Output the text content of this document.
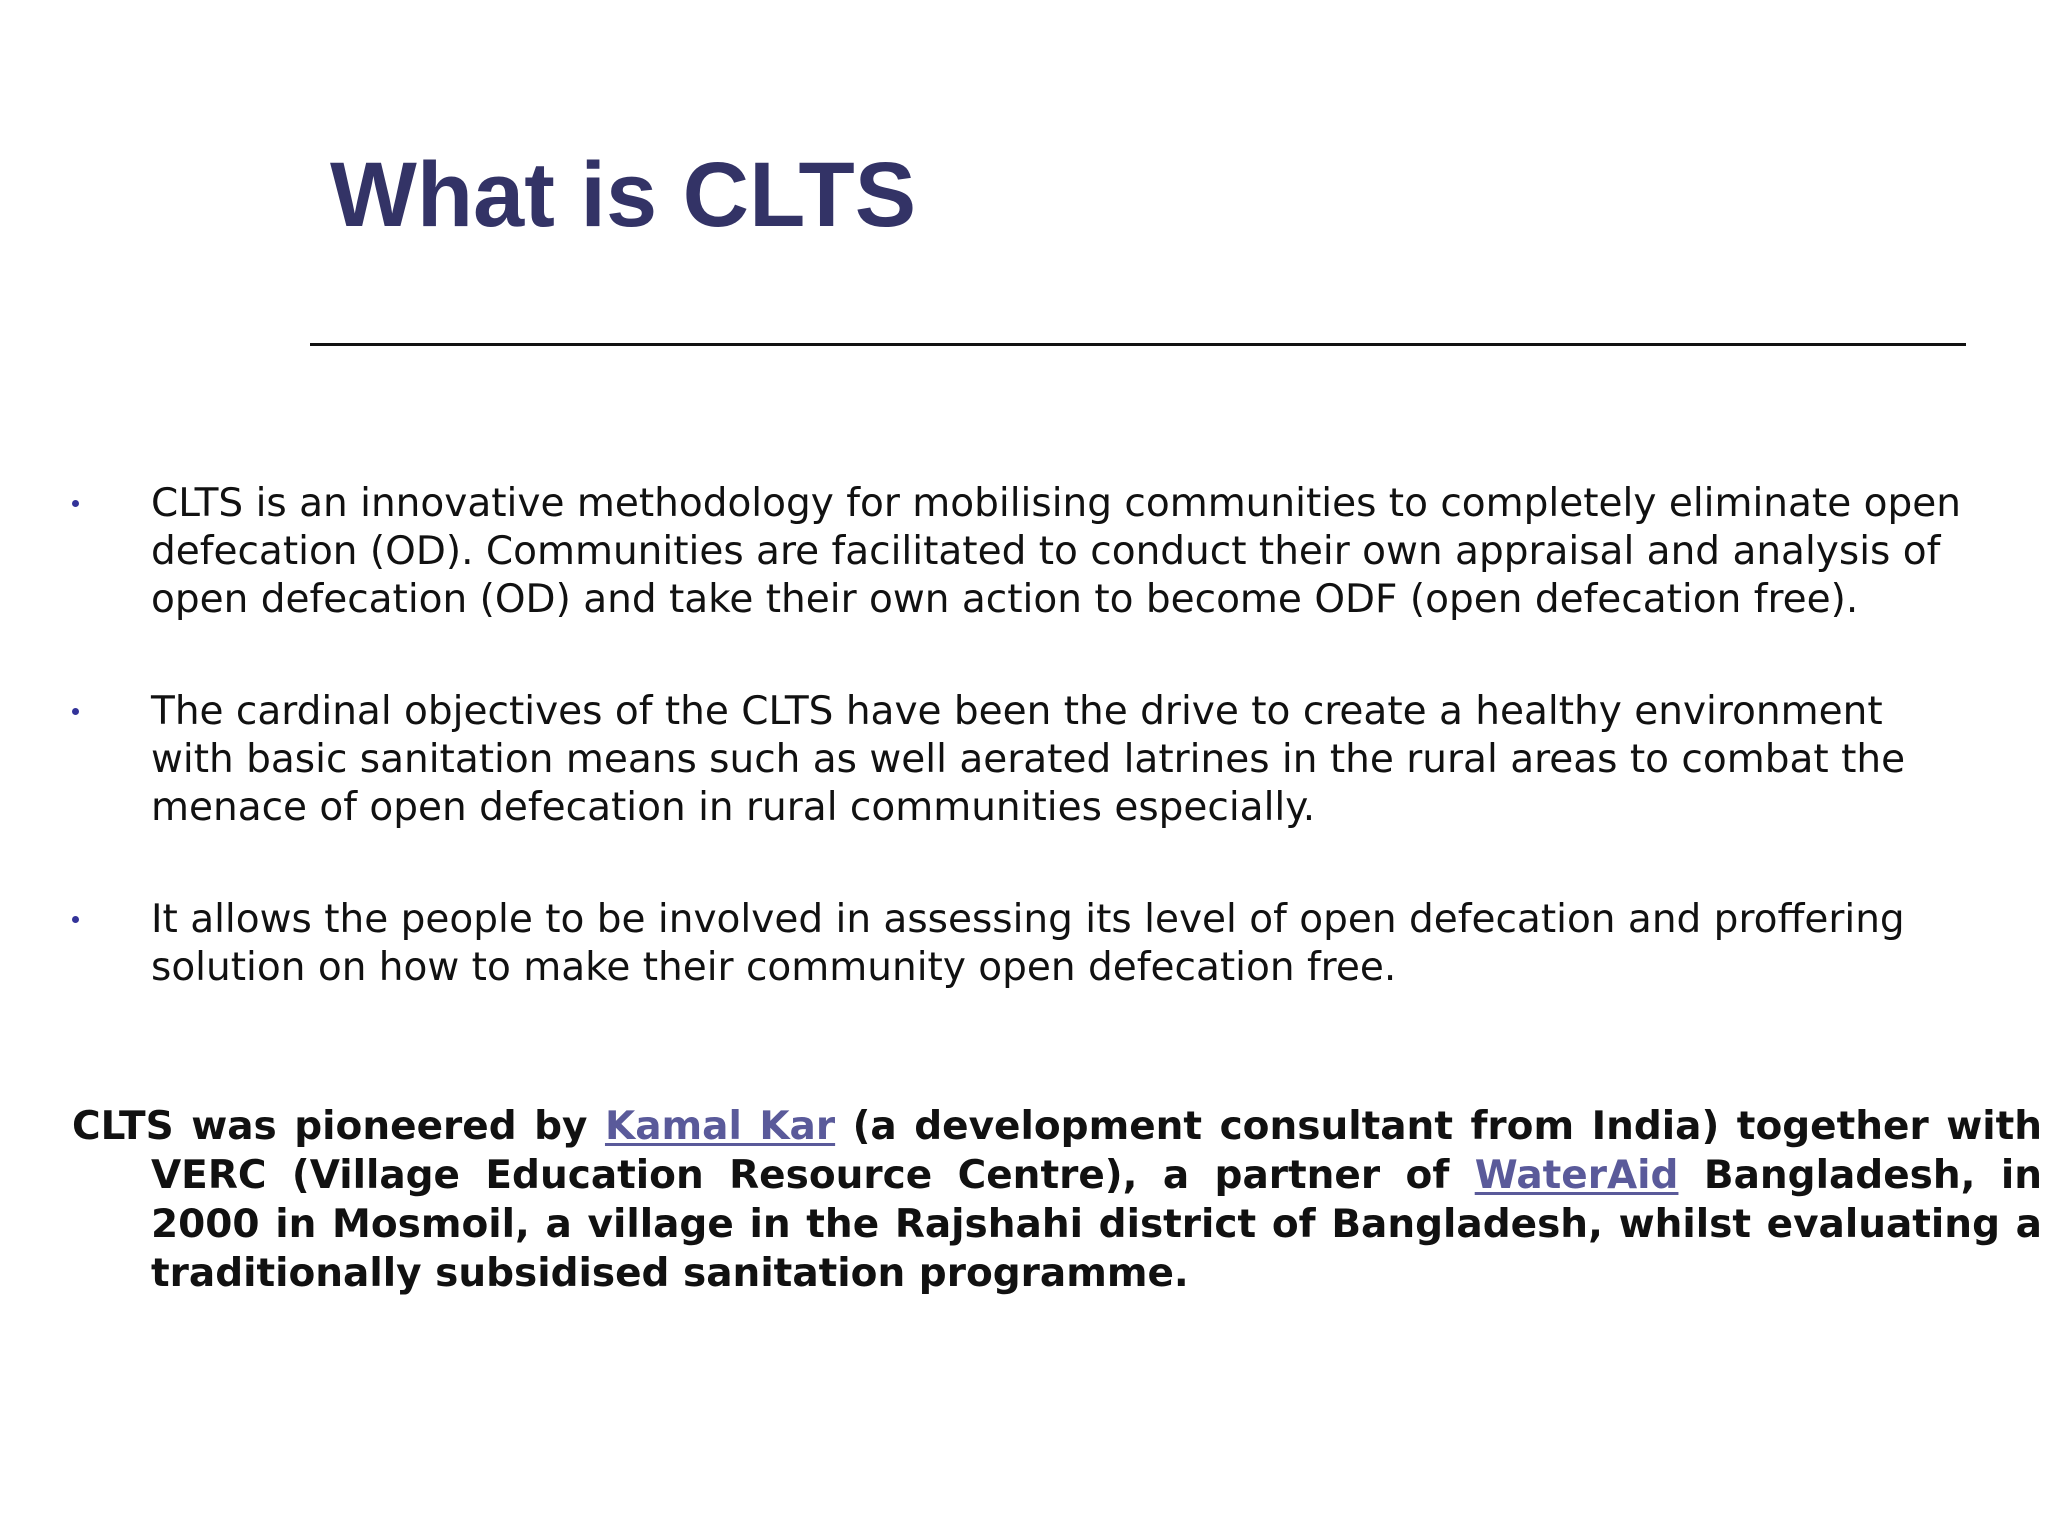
What is CLTS
CLTS is an innovative methodology for mobilising communities to completely eliminate open defecation (OD). Communities are facilitated to conduct their own appraisal and analysis of open defecation (OD) and take their own action to become ODF (open defecation free).
The cardinal objectives of the CLTS have been the drive to create a healthy environment with basic sanitation means such as well aerated latrines in the rural areas to combat the menace of open defecation in rural communities especially.
It allows the people to be involved in assessing its level of open defecation and proffering solution on how to make their community open defecation free.

CLTS was pioneered by Kamal Kar (a development consultant from India) together with VERC (Village Education Resource Centre), a partner of WaterAid Bangladesh, in 2000 in Mosmoil, a village in the Rajshahi district of Bangladesh, whilst evaluating a traditionally subsidised sanitation programme.
